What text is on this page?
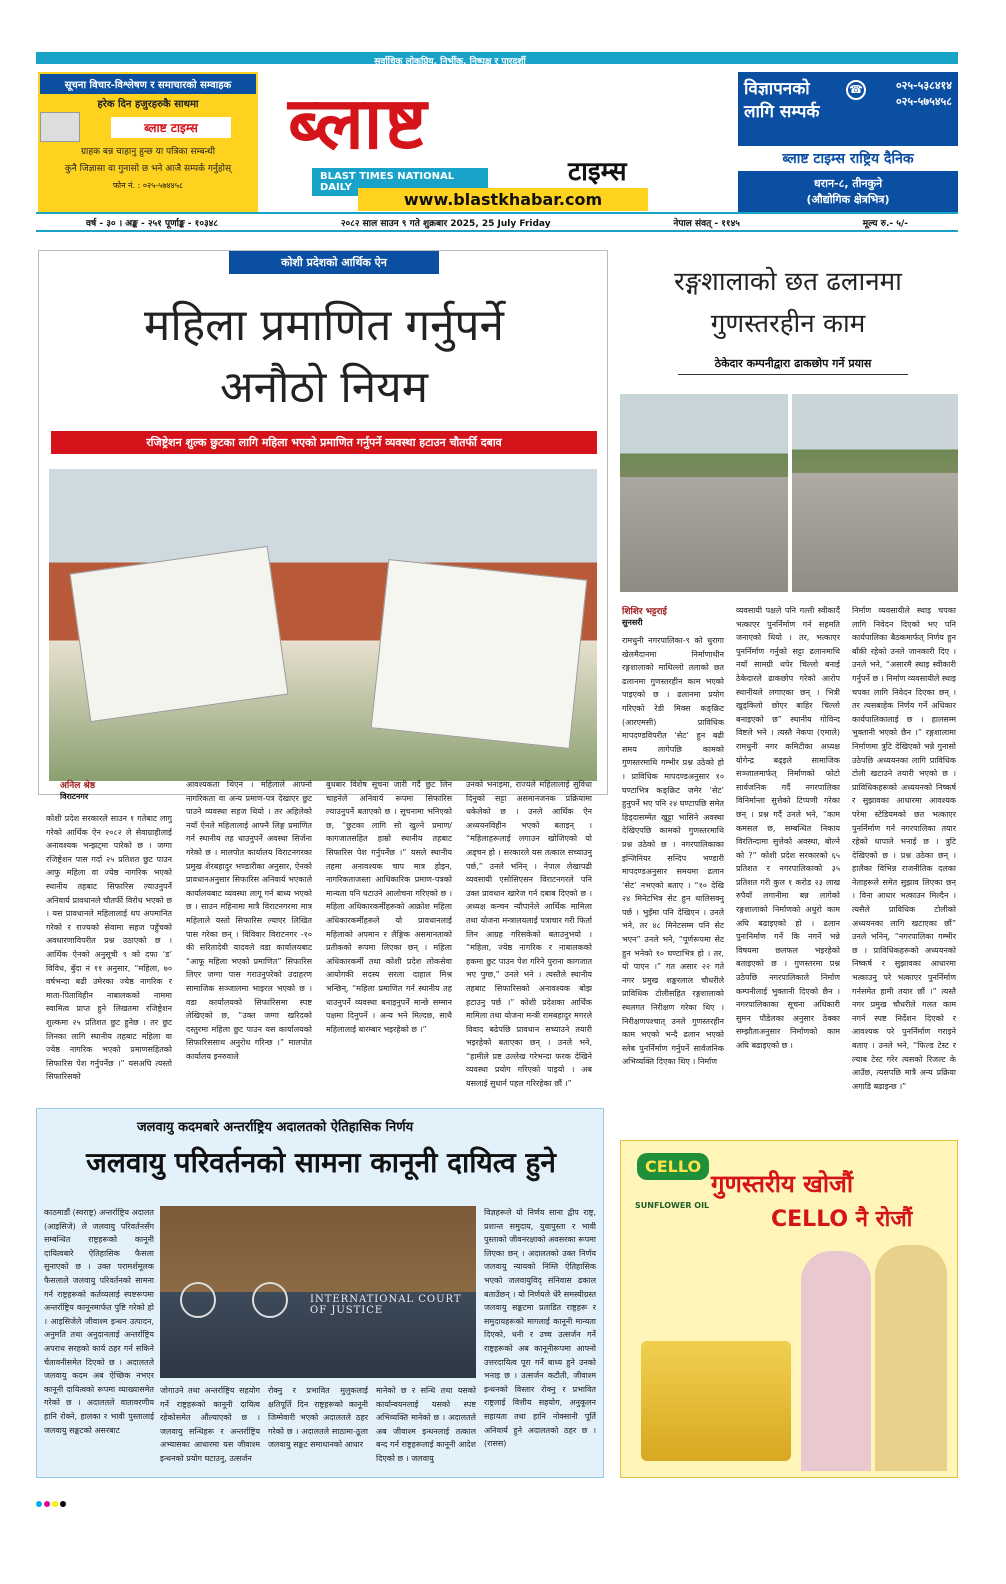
सर्वाधिक लोकप्रिय, निर्भीक, निष्पक्ष र पारदर्शी
सूचना विचार-विश्लेषण र समाचारको सम्वाहक
हरेक दिन हजुरहरुकै साथमा
ब्लाष्ट टाइम्स
ग्राहक बन्न चाहानु हुन्छ या पत्रिका सम्बन्धी
कुनै जिज्ञासा वा गुनासो छ भने आजै सम्पर्क गर्नुहोस्
फोन नं. : ०२५-५७४४५८
ब्लाष्ट
टाइम्स
BLAST TIMES NATIONAL DAILY
www.blastkhabar.com
विज्ञापनको
लागि सम्पर्क
०२५-५३८४१४
०२५-५७५४५८
☎
ब्लाष्ट टाइम्स राष्ट्रिय दैनिक
धरान-८, तीनकुने
(औद्योगिक क्षेत्रभित्र)
वर्ष - ३० । अङ्क - २५१ पूर्णाङ्क - १०३४८	२०८२ साल साउन ९ गते शुक्रबार 2025, 25 July Friday	नेपाल संवत् - ११४५	मूल्य रु.- ५/-
कोशी प्रदेशको आर्थिक ऐन
महिला प्रमाणित गर्नुपर्ने
अनौठो नियम
रजिष्ट्रेशन शुल्क छुटका लागि महिला भएको प्रमाणित गर्नुपर्ने व्यवस्था हटाउन चौतर्फी दबाव
अनिल श्रेष्ठ
विराटनगर
कोशी प्रदेश सरकारले साउन १ गतेबाट लागु गरेको आर्थिक ऐन २०८२ ले सेवाग्राहीलाई अनावश्यक भन्झट्मा पारेको छ । जग्गा रजिष्ट्रेशन पास गर्दा २५ प्रतिशत छुट पाउन आफु महिला वा ज्येष्ठ नागरिक भएको स्थानीय तहबाट सिफारिस ल्याउनुपर्ने अनिवार्य प्रावधानले चौतर्फी विरोध भएको छ । यस प्रावधानले महिलालाई थप अपमानित गरेको र राज्यको सेवामा सहज पहुँचको अवधारणाविपरीत प्रश्न उठाएको छ । आर्थिक ऐनको अनुसूची ९ को दफा ‘ड’ विविध, बुँदा नं ११ अनुसार, “महिला, ७० वर्षभन्दा बढी उमेरका ज्येष्ठ नागरिक र माता-पिताविहीन नाबालकको नाममा स्वामित्व प्राप्त हुने लिखतमा रजिष्ट्रेशन शुल्कमा २५ प्रतिशत छुट हुनेछ । तर छुट लिनका लागि स्थानीय तहबाट महिला वा ज्येष्ठ नागरिक भएको प्रमाणसहितको सिफारिस पेश गर्नुपर्नेछ ।” यसअघि त्यस्तो सिफारिसको
आवश्यकता थिएन । महिलाले आफ्नो नागरिकता वा अन्य प्रमाण-पत्र देखाएर छुट पाउने व्यवस्था सहज थियो । तर अहिलेको नयाँ ऐनले महिलालाई आफ्नै लिङ्ग प्रमाणित गर्न स्थानीय तह धाउनुपर्ने अवस्था सिर्जना गरेको छ । मालपोत कार्यालय विराटनगरका प्रमुख शेरबहादुर भण्डारीका अनुसार, ऐनको प्रावधानअनुसार सिफारिस अनिवार्य भएकाले कार्यालयबाट व्यवस्था लागू गर्न बाध्य भएको छ । साउन महिनामा मात्रै विराटनगरमा मात्र महिलाले यस्तो सिफारिस ल्याएर लिखित पास गरेका छन् । विविवार विराटनगर -१० की सरितादेवी यादवले वडा कार्यालयबाट “आफू महिला भएको प्रमाणित” सिफारिस लिएर जग्गा पास गराउनुपरेको उदाहरण सामाजिक सञ्जालमा भाइरल भएको छ । वडा कार्यालयको सिफारिसमा स्पष्ट लेखिएको छ, “उक्त जग्गा खरिदको दस्तुरमा महिला छुट पाउन यस कार्यालयको सिफारिससाथ अनुरोध गरिन्छ ।” मालपोत कार्यालय इनरुवाले
बुधबार विशेष सूचना जारी गर्दै छुट लिन चाहनेले अनिवार्य रूपमा सिफारिस ल्याउनुपर्ने बताएको छ । सूचनामा भनिएको छ, “छुटका लागि सो खुल्ने प्रमाण/कागजातसहित हाम्रो स्थानीय तहबाट सिफारिस पेश गर्नुपर्नेछ ।” यसले स्थानीय तहमा अनावश्यक चाप मात्र होइन, नागरिकताजस्ता आधिकारिक प्रमाण-पत्रको मान्यता पनि घटाउने आलोचना गरिएको छ । महिला अधिकारकर्मीहरूको आक्रोश महिला अधिकारकर्मीहरूले यो प्रावधानलाई महिलाको अपमान र लैङ्गिक असमानताको प्रतीकको रूपमा लिएका छन् । महिला अधिकारकर्मी तथा कोशी प्रदेश लोकसेवा आयोगकी सदस्य सरला दाहाल मिश्र भन्छिन्, “महिला प्रमाणित गर्न स्थानीय तह धाउनुपर्ने व्यवस्था बनाइनुपर्ने मान्छे सम्मान पक्षमा दिनुपर्ने । अन्य भने मिल्दछ, साथै महिलालाई बारम्बार भइरहेको छ ।”
उनको भनाइमा, राज्यले महिलालाई सुविधा दिनुको सट्टा असमानजनक प्रक्रियामा धकेलेको छ । उनले आर्थिक ऐन अध्ययनविहीन भएको बताइन् । “महिलाहरूलाई लगाउन खोजिएको यो अड्चन हो । सरकारले यस तत्काल सच्याउनु पर्छ,” उनले भनिन् । नेपाल लेखापढी व्यवसायी एसोसिएसन विराटनगरले पनि उक्त प्रावधान खारेज गर्न दबाब दिएको छ । अध्यक्ष कन्चन न्यौपानेले आर्थिक मामिला तथा योजना मन्त्रालयलाई पत्राचार गरी फिर्ता लिन आग्रह गरिसकेको बताउनुभयो । “महिला, ज्येष्ठ नागरिक र नाबालकको हकमा छुट पाउन पेश गरिने पुराना कागजात भए पुग्छ,” उनले भने । त्यस्तैले स्थानीय तहबाट सिफारिसको अनावश्यक बोझ हटाउनु पर्छ ।” कोशी प्रदेशका आर्थिक मामिला तथा योजना मन्त्री रामबहादुर मगरले विवाद बढेपछि प्रावधान सच्याउने तयारी भइरहेको बताएका छन् । उनले भने, “हामीले प्रष्ट उल्लेख गरेभन्दा फरक देखिने व्यवस्था प्रयोग गरिएको पाइयो । अब यसलाई सुधार्न पहल गरिरहेका छौं ।”
रङ्गशालाको छत ढलानमा
गुणस्तरहीन काम
ठेकेदार कम्पनीद्वारा ढाकछोप गर्ने प्रयास
शिशिर भट्टराई
सुनसरी
रामधुनी नगरपालिका-९ को धुरागा खेलमैदानमा निर्माणाधीन रङ्गशालाको माथिल्लो तलाको छत ढलानमा गुणस्तरहीन काम भएको पाइएको छ । ढलानमा प्रयोग गरिएको रेडी मिक्स कङ्क्रिट (आरएमसी) प्राविधिक मापदण्डविपरीत ‘सेट’ हुन बढी समय लागेपछि कामको गुणस्तरमाथि गम्भीर प्रश्न उठेको हो । प्राविधिक मापदण्डअनुसार १० घण्टाभित्र कङ्क्रिट जमेर ‘सेट’ हुनुपर्ने भए पनि २४ घण्टापछि समेत हिड्दासम्मेत खुट्टा भासिने अवस्था देखिएपछि कामको गुणस्तरमाथि प्रश्न उठेको छ । नगरपालिकाका इन्जिनियर सन्दिप भण्डारी मापदण्डअनुसार समयमा ढलान ‘सेट’ नभएको बताए । “१० देखि २४ मिनेटभित्र सेट हुन थालिसक्नु पर्छ । भुइँमा पनि देखिएन । उनले भने, तर ४८ मिनेटसम्म पनि सेट भएन” उनले भने, “पूर्णरूपमा सेट हुन भनेको १० घण्टाभित्र हो । तर, यो पाएन ।” गत असार २२ गते नगर प्रमुख शङ्करलाल चौधरीले प्राविधिक टोलीसहित रङ्गशालाको स्थलगत निरीक्षण गरेका थिए । निरीक्षणपश्चात् उनले गुणस्तरहीन काम भएको भन्दै ढलान भएको स्लेब पुनर्निर्माण गर्नुपर्ने सार्वजनिक अभिव्यक्ति दिएका थिए । निर्माण
व्यवसायी पक्षले पनि गल्ती स्वीकार्दै भत्काएर पुनर्निर्माण गर्न सहमति जनाएको थियो । तर, भत्काएर पुनर्निर्माण गर्नुको सट्टा ढलानमाथि नयाँ सामग्री थपेर चिल्लो बनाई ठेकेदारले ढाकछोप गरेको आरोप स्थानीयले लगाएका छन् । भित्री खुड्किलो छोएर बाहिर चिल्लो बनाइएको छ” स्थानीय गोविन्द विष्टले भने । त्यस्तै नेकपा (एमाले) रामधुनी नगर कमिटीका अध्यक्ष योगेन्द्र बढ्इले सामाजिक सञ्जालमार्फत् निर्माणको फोटो सार्वजनिक गर्दै नगरपालिका विनिर्मान्ता सुत्तेको टिप्पणी गरेका छन् । प्रश्न गर्दै उनले भने, “काम कमसल छ, सम्बन्धित निकाय विरतिन्दामा सुत्तेको अवस्था, बोल्ने को ?” कोशी प्रदेश सरकारको ६५ प्रतिशत र नगरपालिकाको ३५ प्रतिशत गरी कुल १ करोड २३ लाख रुपैयाँ लगानीमा बन्न लागेको रङ्गशालाको निर्माणको अधुरो काम अघि बढाइएको हो । ढलान पुनःनिर्माण गर्ने कि नगर्ने भन्ने विषयमा छलफल भइरहेको बताइएको छ । गुणस्तरमा प्रश्न उठेपछि नगरपालिकाले निर्माण कम्पनीलाई भुक्तानी दिएको छैन । नगरपालिकाका सूचना अधिकारी सुमन पौडेलका अनुसार ठेक्का सम्झौताअनुसार निर्माणको काम अघि बढाइएको छ ।
निर्माण व्यवसायीले स्थाइ चपका लागि निवेदन दिएको भए पनि कार्यपालिका बैठकमार्फत् निर्णय हुन बाँकी रहेको उनले जानकारी दिए । उनले भने, “असारमै स्थाइ स्वीकारी गर्नुपर्ने छ । निर्माण व्यवसायीले स्थाइ चपका लागि निवेदन दिएका छन् । तर त्यसबाहेक निर्णय गर्ने अधिकार कार्यपालिकालाई छ । हालसम्म भुक्तानी भएको छैन ।” रङ्गशालामा निर्माणमा त्रुटि देखिएको भन्ने गुनासो उठेपछि अध्ययनका लागि प्राविधिक टोली खटाउने तयारी भएको छ । प्राविधिकहरूको अध्ययनको निष्कर्ष र सुझावका आधारमा आवश्यक परेमा स्टेडियमको छत भत्काएर पुनर्निर्माण गर्न नगरपालिका तयार रहेको धापाले भनाई छ । त्रुटि देखिएको छ । प्रश्न उठेका छन् । हालैका विभिन्न राजनीतिक दलका नेताहरूले समेत सुझाव लिएका छन् । विना आधार भत्काउन मिल्दैन । त्यसैले प्राविधिक टोलीको अध्ययनका लागि खटाएका छौं” उनले भनिन्, “नगरपालिका गम्भीर छ । प्राविधिकहरूको अध्ययनको निष्कर्ष र सुझावका आधारमा भत्काउनु परे भत्काएर पुनर्निर्माण गर्नसमेत हामी तयार छौं ।” त्यस्तै नगर प्रमुख चौधरीले गलत काम नगर्न स्पष्ट निर्देशन दिएको र आवश्यक परे पुनर्निर्माण गराइने बताए । उनले भने, “फिल्ड टेस्ट र ल्याब टेस्ट गरेर त्यसको रिजल्ट के आउँछ, त्यसपछि मात्रै अन्य प्रक्रिया अगाडि बढाइन्छ ।”
जलवायु कदमबारे अन्तर्राष्ट्रिय अदालतको ऐतिहासिक निर्णय
जलवायु परिवर्तनको सामना कानूनी दायित्व हुने
काठमाडौं (स्वराष्ट्र) अन्तर्राष्ट्रिय अदालत (आइसिजे) ले जलवायु परिवर्तनसँग सम्बन्धित राष्ट्रहरूको कानूनी दायित्वबारे ऐतिहासिक फैसला सुनाएको छ । उक्त परामर्शमूलक फैसलाले जलवायु परिवर्तनको सामना गर्न राष्ट्रहरूको कर्तव्यलाई स्पष्टरूपमा अन्तर्राष्ट्रिय कानूनमार्फत पुष्टि गरेको हो । आइसिजेले जीवाश्म इन्धन उत्पादन, अनुमति तथा अनुदानलाई अन्तर्राष्ट्रिय अपराध सरहको कार्य ठहर गर्न सकिने चेतावनीसमेत दिएको छ । अदालतले जलवायु कदम अब ऐच्छिक नभएर कानूनी दायित्वको रूपमा व्याख्यासमेत गरेको छ । अदालतले वातावरणीय हानि रोक्ने, हालका र भावी पुस्तालाई जलवायु सङ्कटको असरबाट
INTERNATIONAL COURT OF JUSTICE
जोगाउने तथा अन्तर्राष्ट्रिय सहयोग गर्ने राष्ट्रहरूको कानूनी दायित्व रहेकोसमेत औंल्याएको छ । जलवायु सन्धिहरू र अन्तर्राष्ट्रिय अभ्यासका आधारमा यस जीवाश्म इन्धनको प्रयोग घटाउनु, उत्सर्जन
रोक्नु र प्रभावित मुलुकलाई क्षतिपूर्ति दिन राष्ट्रहरूको कानूनी जिम्मेवारी भएको अदालतले ठहर गरेको छ । अदालतले साठामा-ठूला जलवायु सङ्कट समाधानको आधार
मानेको छ र सन्धि तथा यसको कार्यान्वयनलाई यसको स्पष्ट अभिव्यक्ति मानेको छ । अदालतले अब जीवाश्म इन्धनलाई तत्काल बन्द गर्न राष्ट्रहरूलाई कानूनी आदेश दिएको छ । जलवायु
विज्ञहरूले यो निर्णय साना द्वीप राष्ट्र, प्रशान्त समुदाय, युवापुस्ता र भावी पुस्ताको जीवनरक्षाको अवसरका रूपमा लिएका छन् । अदालतको उक्त निर्णय जलवायु न्यायको निम्ति ऐतिहासिक भएको जलवायुविद् संनिवास ढकाल बताउँछन् । यो निर्णयले धेरै समस्यीग्रस्त जलवायु सङ्कटमा प्रताडित राष्ट्रहरू र समुदायहरूको मागलाई कानूनी मान्यता दिएको, धनी र उच्च उत्सर्जन गर्ने राष्ट्रहरूको अब कानूनीरूपमा आफ्नो उत्तरदायित्व पूरा गर्ने बाध्य हुने उनको भनाइ छ । उत्सर्जन कटौती, जीवाश्म इन्धनको विस्तार रोक्नु र प्रभावित राष्ट्रलाई वित्तीय सहयोग, अनुकूलन सहायता तथा हानि नोक्सानी पूर्ति अनिवार्य हुने अदालतको ठहर छ । (रासस)
CELLO
SUNFLOWER OIL
गुणस्तरीय खोजौं
CELLO नै रोजौं
